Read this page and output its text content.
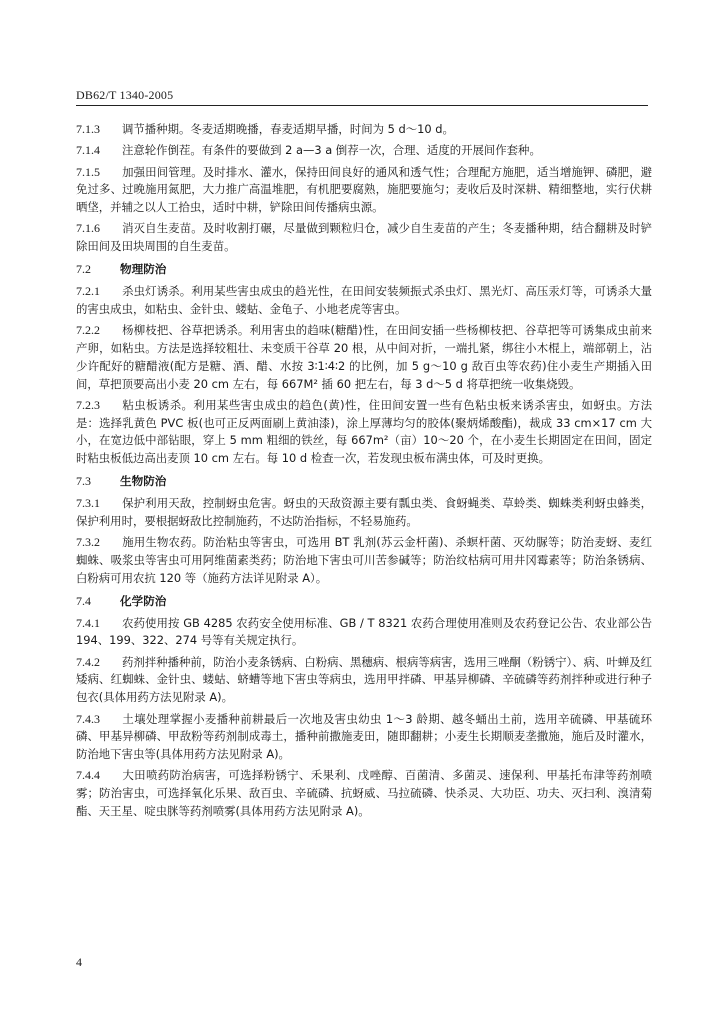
DB62/T 1340-2005
7.1.3 调节播种期。冬麦适期晚播，春麦适期早播，时间为 5 d～10 d。
7.1.4 注意轮作倒茬。有条件的要做到 2 a—3 a 倒荐一次，合理、适度的开展间作套种。
7.1.5 加强田间管理。及时排水、灌水，保持田间良好的通风和透气性；合理配方施肥，适当增施钾、磷肥，避免过多、过晚施用氮肥，大力推广高温堆肥，有机肥要腐熟，施肥要施匀；麦收后及时深耕、精细整地，实行伏耕晒垡，并辅之以人工拾虫，适时中耕，铲除田间传播病虫源。
7.1.6 消灭自生麦苗。及时收割打碾，尽量做到颗粒归仓，减少自生麦苗的产生；冬麦播种期，结合翻耕及时铲除田间及田块周围的自生麦苗。
7.2	物理防治
7.2.1 杀虫灯诱杀。利用某些害虫成虫的趋光性，在田间安装频振式杀虫灯、黑光灯、高压汞灯等，可诱杀大量的害虫成虫，如粘虫、金针虫、蝼蛄、金龟子、小地老虎等害虫。
7.2.2 杨柳枝把、谷草把诱杀。利用害虫的趋味(糖醋)性，在田间安插一些杨柳枝把、谷草把等可诱集成虫前来产卵，如粘虫。方法是选择较粗壮、未变质干谷草 20 根，从中间对折，一端扎紧，绑往小木棍上，端部朝上，沾少许配好的糖醋液(配方是糖、酒、醋、水按 3∶1∶4∶2 的比例，加 5 g～10 g 敌百虫等农药)住小麦生产期插入田间，草把顶要高出小麦 20 cm 左右，每 667M² 插 60 把左右，每 3 d～5 d 将草把统一收集烧毁。
7.2.3 粘虫板诱杀。利用某些害虫成虫的趋色(黄)性，住田间安置一些有色粘虫板来诱杀害虫，如蚜虫。方法是：选择乳黄色 PVC 板(也可正反两面刷上黄油漆)，涂上厚薄均匀的胶体(聚炳烯酸酯)，裁成 33 cm×17 cm 大小，在宽边低中部钻眼，穿上 5 mm 粗细的铁丝，每 667m²（亩）10～20 个，在小麦生长期固定在田间，固定时粘虫板低边高出麦顶 10 cm 左右。每 10 d 检查一次，若发现虫板布满虫体，可及时更换。
7.3	生物防治
7.3.1 保护利用天敌，控制蚜虫危害。蚜虫的天敌资源主要有瓢虫类、食蚜蝇类、草蛉类、蜘蛛类利蚜虫蜂类，保护利用时，要根据蚜敌比控制施药，不达防治指标，不轻易施药。
7.3.2 施用生物农药。防治粘虫等害虫，可选用 BT 乳剂(苏云金杆菌)、杀螟杆菌、灭幼脲等；防治麦蚜、麦红蜘蛛、吸浆虫等害虫可用阿维菌素类药；防治地下害虫可川苦参碱等；防治纹枯病可用井冈霉素等；防治条锈病、白粉病可用农抗 120 等（施药方法详见附录 A）。
7.4	化学防治
7.4.1 农药使用按 GB 4285 农药安全使用标准、GB / T 8321 农药合理使用准则及农药登记公告、农业部公告 194、199、322、274 号等有关规定执行。
7.4.2 药剂拌种播种前，防治小麦条锈病、白粉病、黑穗病、根病等病害，选用三唑酮（粉锈宁）、病、叶蝉及红矮病、红蜘蛛、金针虫、蝼蛄、蛴螬等地下害虫等病虫，选用甲拌磷、甲基异柳磷、辛硫磷等药剂拌种或进行种子包衣(具体用药方法见附录 A)。
7.4.3 土壤处理掌握小麦播种前耕最后一次地及害虫幼虫 1～3 龄期、越冬蛹出土前，选用辛硫磷、甲基硫环磷、甲基异柳磷、甲敌粉等药剂制成毒土，播种前撒施麦田，随即翻耕；小麦生长期顺麦垄撒施，施后及时灌水，防治地下害虫等(具体用药方法见附录 A)。
7.4.4 大田喷药防治病害，可选择粉锈宁、禾果利、戊唑醇、百菌清、多菌灵、速保利、甲基托布津等药剂喷雾；防治害虫，可选择氧化乐果、敌百虫、辛硫磷、抗蚜威、马拉硫磷、快杀灵、大功臣、功夫、灭扫利、溴清菊酯、天王星、啶虫脒等药剂喷雾(具体用药方法见附录 A)。
4
